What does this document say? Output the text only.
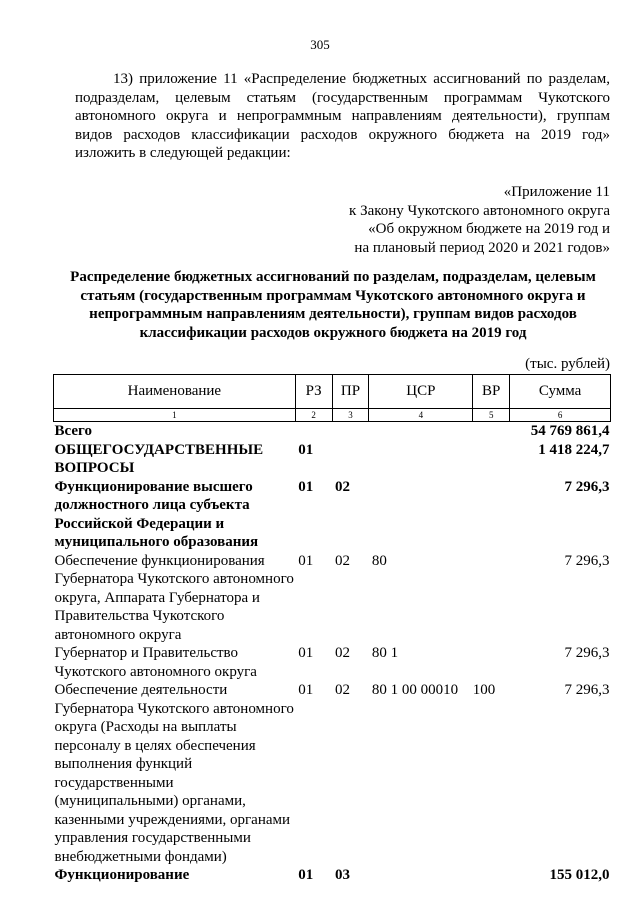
305
13) приложение 11 «Распределение бюджетных ассигнований по разделам, подразделам, целевым статьям (государственным программам Чукотского автономного округа и непрограммным направлениям деятельности), группам видов расходов классификации расходов окружного бюджета на 2019 год» изложить в следующей редакции:
«Приложение 11
к Закону Чукотского автономного округа
«Об окружном бюджете на 2019 год и
на плановый период 2020 и 2021 годов»
Распределение бюджетных ассигнований по разделам, подразделам, целевым статьям (государственным программам Чукотского автономного округа и непрограммным направлениям деятельности), группам видов расходов классификации расходов окружного бюджета на 2019 год
(тыс. рублей)
Наименование	РЗ	ПР	ЦСР	ВР	Сумма
1	2	3	4	5	6
Всего					54 769 861,4
ОБЩЕГОСУДАРСТВЕННЫЕ ВОПРОСЫ	01				1 418 224,7
Функционирование высшего должностного лица субъекта Российской Федерации и муниципального образования	01	02			7 296,3
Обеспечение функционирования Губернатора Чукотского автономного округа, Аппарата Губернатора и Правительства Чукотского автономного округа	01	02	80		7 296,3
Губернатор и Правительство Чукотского автономного округа	01	02	80 1		7 296,3
Обеспечение деятельности Губернатора Чукотского автономного округа (Расходы на выплаты персоналу в целях обеспечения выполнения функций государственными (муниципальными) органами, казенными учреждениями, органами управления государственными внебюджетными фондами)	01	02	80 1 00 00010	100	7 296,3
Функционирование	01	03			155 012,0
